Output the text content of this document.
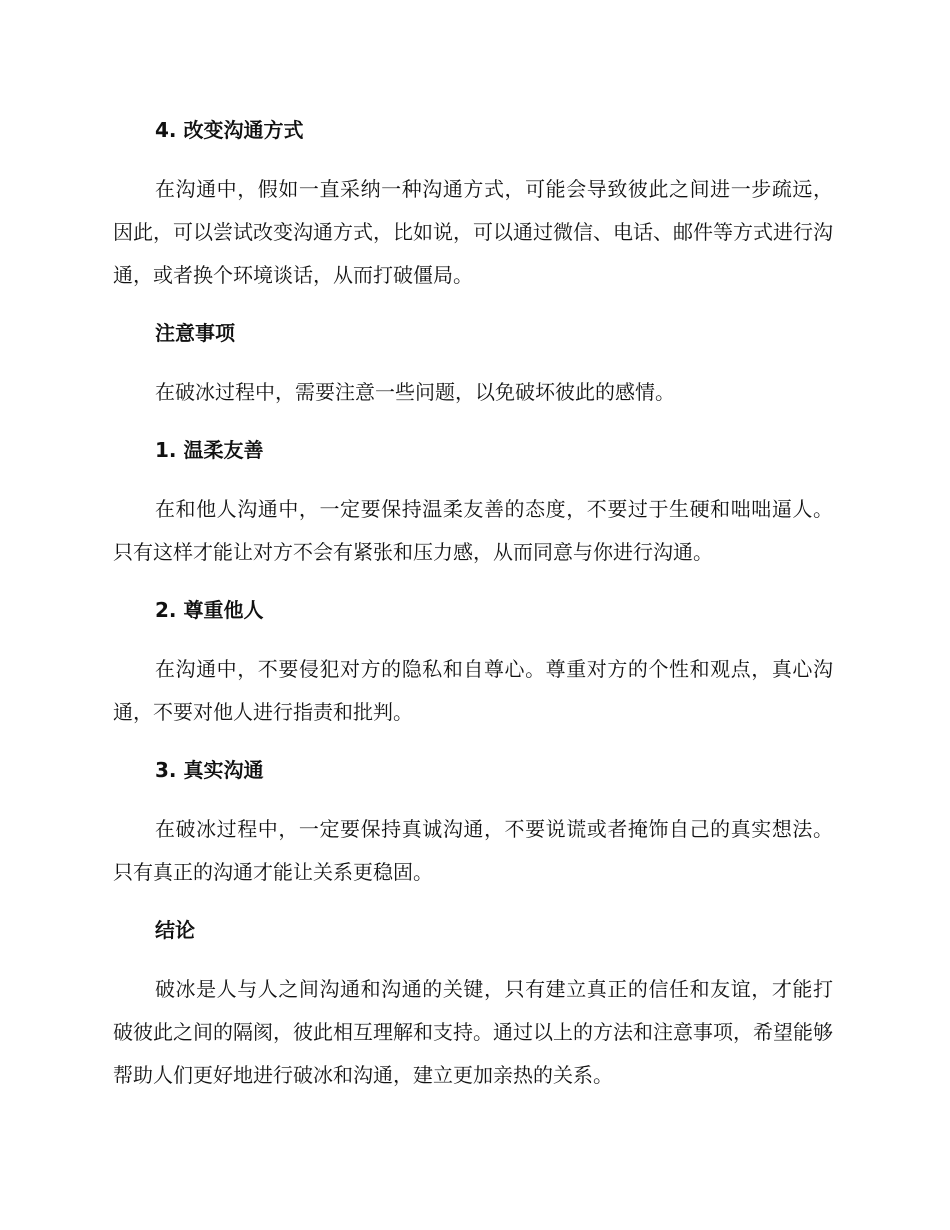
4. 改变沟通方式

在沟通中，假如一直采纳一种沟通方式，可能会导致彼此之间进一步疏远，因此，可以尝试改变沟通方式，比如说，可以通过微信、电话、邮件等方式进行沟通，或者换个环境谈话，从而打破僵局。

注意事项

在破冰过程中，需要注意一些问题，以免破坏彼此的感情。

1. 温柔友善

在和他人沟通中，一定要保持温柔友善的态度，不要过于生硬和咄咄逼人。只有这样才能让对方不会有紧张和压力感，从而同意与你进行沟通。

2. 尊重他人

在沟通中，不要侵犯对方的隐私和自尊心。尊重对方的个性和观点，真心沟通，不要对他人进行指责和批判。

3. 真实沟通

在破冰过程中，一定要保持真诚沟通，不要说谎或者掩饰自己的真实想法。只有真正的沟通才能让关系更稳固。

结论

破冰是人与人之间沟通和沟通的关键，只有建立真正的信任和友谊，才能打破彼此之间的隔阂，彼此相互理解和支持。通过以上的方法和注意事项，希望能够帮助人们更好地进行破冰和沟通，建立更加亲热的关系。
